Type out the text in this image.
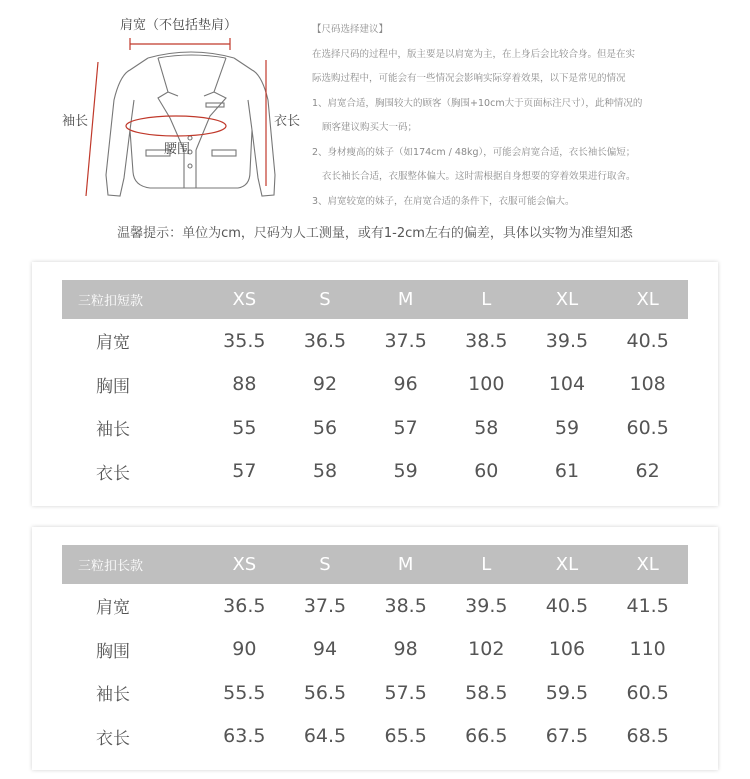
肩宽（不包括垫肩）
袖长	衣长
腰围
【尺码选择建议】
在选择尺码的过程中，版主要是以肩宽为主，在上身后会比较合身。但是在实
际选购过程中，可能会有一些情况会影响实际穿着效果，以下是常见的情况
1、肩宽合适，胸围较大的顾客（胸围+10cm大于页面标注尺寸），此种情况的
顾客建议购买大一码；
2、身材瘦高的妹子（如174cm / 48kg），可能会肩宽合适，衣长袖长偏短；
衣长袖长合适，衣服整体偏大。这时需根据自身想要的穿着效果进行取舍。
3、肩宽较宽的妹子，在肩宽合适的条件下，衣服可能会偏大。
温馨提示：单位为cm，尺码为人工测量，或有1-2cm左右的偏差，具体以实物为准望知悉
三粒扣短款	XS	S	M	L	XL	XL
肩宽	35.5	36.5	37.5	38.5	39.5	40.5
胸围	88	92	96	100	104	108
袖长	55	56	57	58	59	60.5
衣长	57	58	59	60	61	62
三粒扣长款	XS	S	M	L	XL	XL
肩宽	36.5	37.5	38.5	39.5	40.5	41.5
胸围	90	94	98	102	106	110
袖长	55.5	56.5	57.5	58.5	59.5	60.5
衣长	63.5	64.5	65.5	66.5	67.5	68.5
